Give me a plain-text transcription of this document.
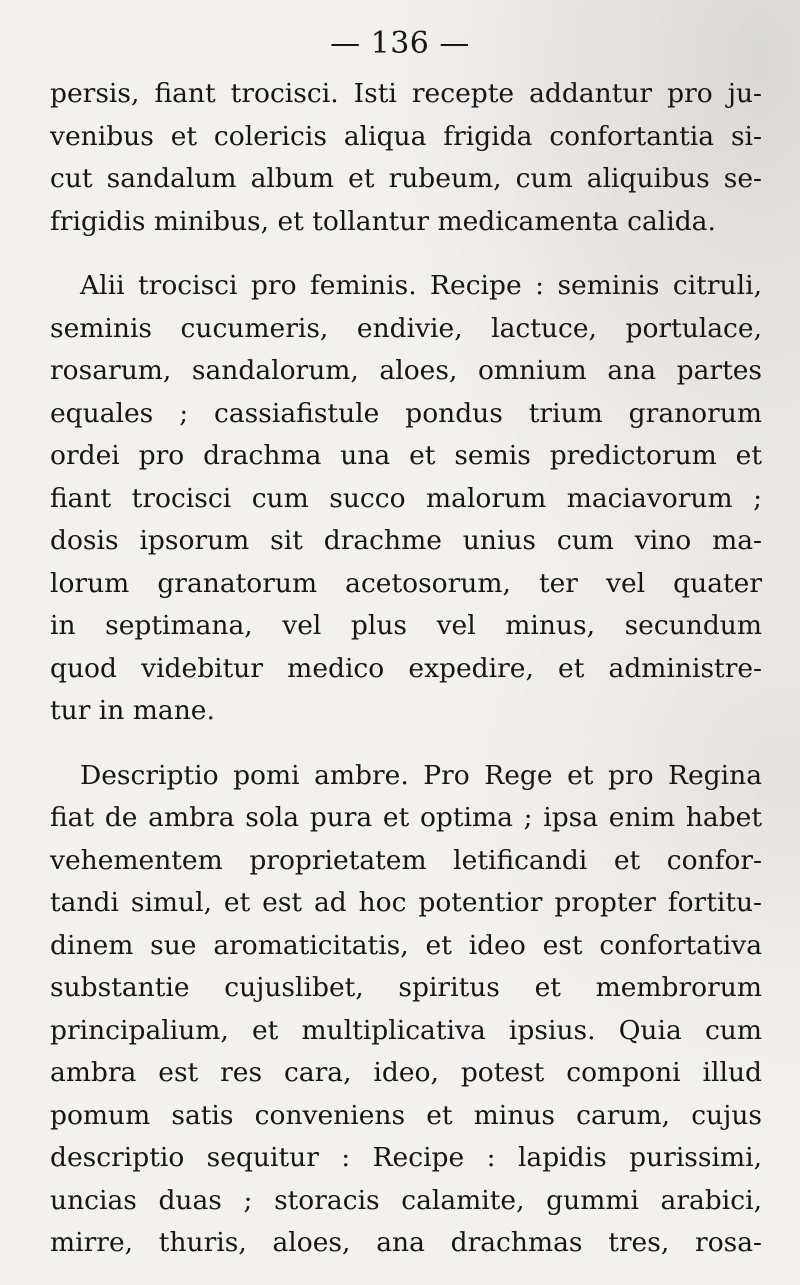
— 136 —
persis, fiant trocisci. Isti recepte addantur pro ju-
venibus et colericis aliqua frigida confortantia si-
cut sandalum album et rubeum, cum aliquibus se-
frigidis minibus, et tollantur medicamenta calida.
Alii trocisci pro feminis. Recipe : seminis citruli,
seminis cucumeris, endivie, lactuce, portulace,
rosarum, sandalorum, aloes, omnium ana partes
equales ; cassiafistule pondus trium granorum
ordei pro drachma una et semis predictorum et
fiant trocisci cum succo malorum maciavorum ;
dosis ipsorum sit drachme unius cum vino ma-
lorum granatorum acetosorum, ter vel quater
in septimana, vel plus vel minus, secundum
quod videbitur medico expedire, et administre-
tur in mane.
Descriptio pomi ambre. Pro Rege et pro Regina
fiat de ambra sola pura et optima ; ipsa enim habet
vehementem proprietatem letificandi et confor-
tandi simul, et est ad hoc potentior propter fortitu-
dinem sue aromaticitatis, et ideo est confortativa
substantie cujuslibet, spiritus et membrorum
principalium, et multiplicativa ipsius. Quia cum
ambra est res cara, ideo, potest componi illud
pomum satis conveniens et minus carum, cujus
descriptio sequitur : Recipe : lapidis purissimi,
uncias duas ; storacis calamite, gummi arabici,
mirre, thuris, aloes, ana drachmas tres, rosa-
